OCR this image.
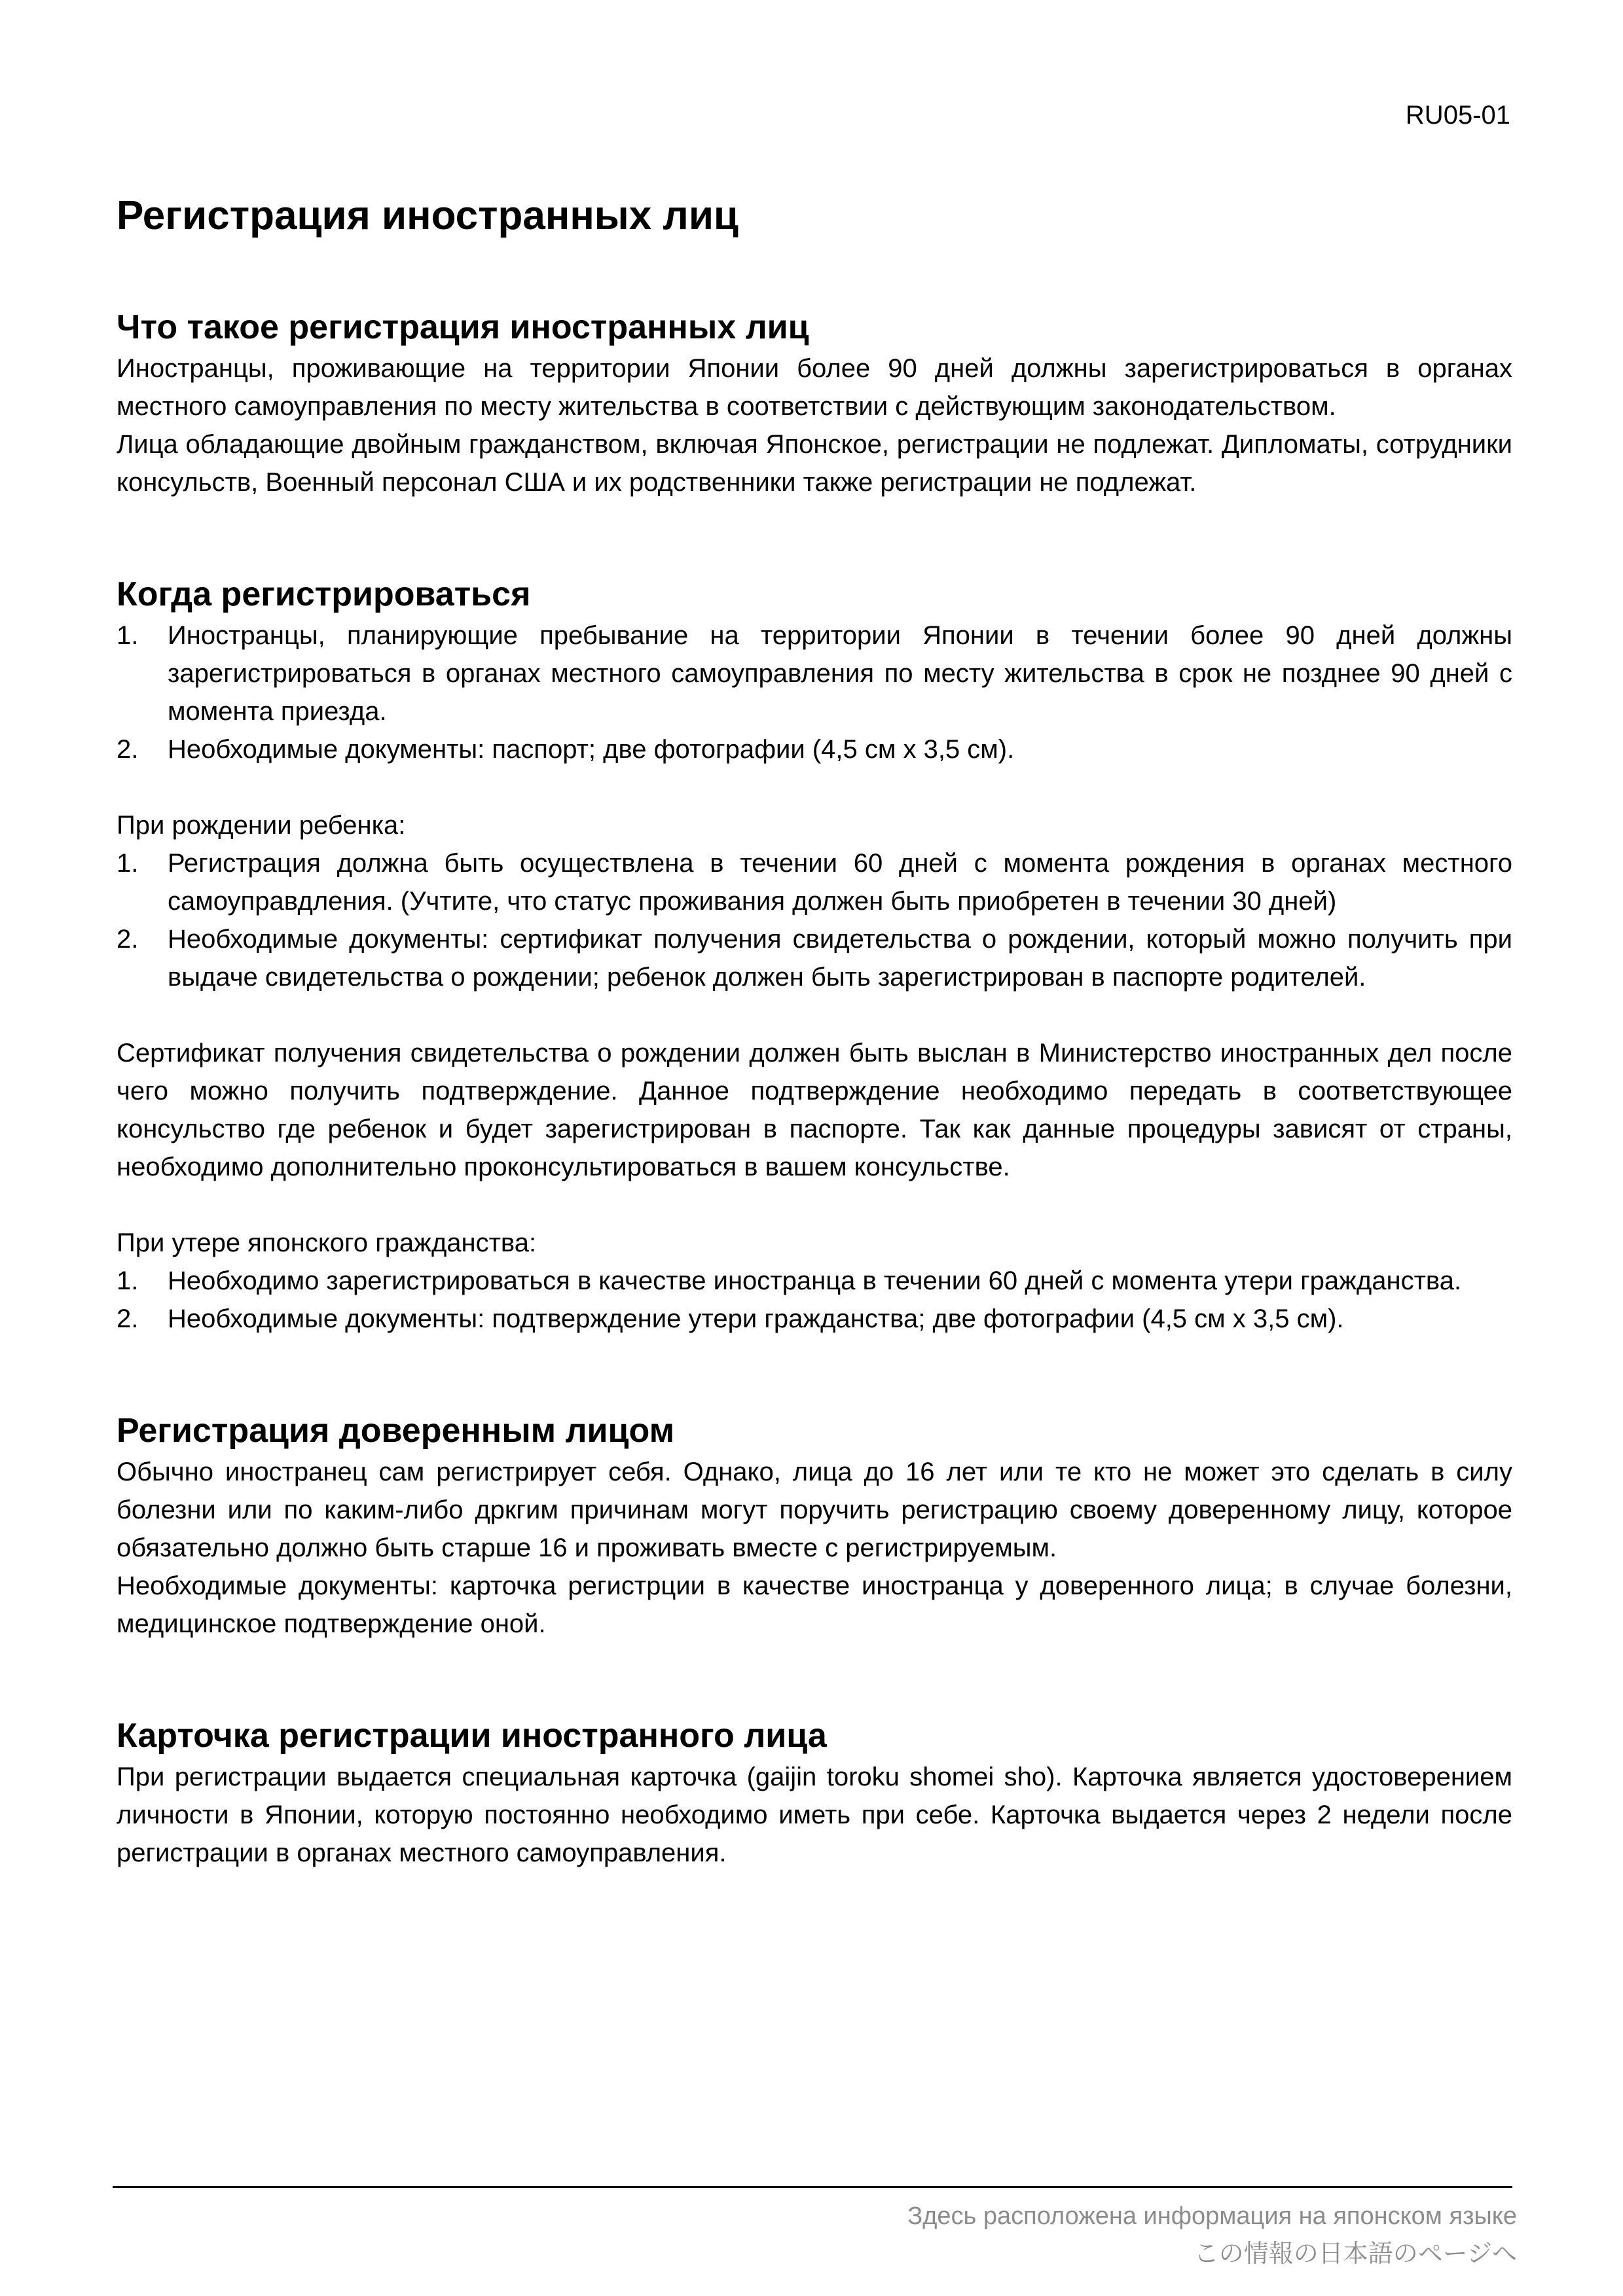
RU05-01
Регистрация иностранных лиц
Что такое регистрация иностранных лиц

Иностранцы, проживающие на территории Японии более 90 дней должны зарегистрироваться в органах местного самоуправления по месту жительства в соответствии с действующим законодательством.

Лица обладающие двойным гражданством, включая Японское, регистрации не подлежат. Дипломаты, сотрудники консульств, Военный персонал США и их родственники также регистрации не подлежат.

Когда регистрироваться
1. Иностранцы, планирующие пребывание на территории Японии в течении более 90 дней должны зарегистрироваться в органах местного самоуправления по месту жительства в срок не позднее 90 дней с момента приезда.
2. Необходимые документы: паспорт; две фотографии (4,5 см х 3,5 см).

При рождении ребенка:

1. Регистрация должна быть осуществлена в течении 60 дней с момента рождения в органах местного самоуправдления. (Учтите, что статус проживания должен быть приобретен в течении 30 дней)
2. Необходимые документы: сертификат получения свидетельства о рождении, который можно получить при выдаче свидетельства о рождении; ребенок должен быть зарегистрирован в паспорте родителей.

Сертификат получения свидетельства о рождении должен быть выслан в Министерство иностранных дел после чего можно получить подтверждение. Данное подтверждение необходимо передать в соответствующее консульство где ребенок и будет зарегистрирован в паспорте. Так как данные процедуры зависят от страны, необходимо дополнительно проконсультироваться в вашем консульстве.

При утере японского гражданства:

1. Необходимо зарегистрироваться в качестве иностранца в течении 60 дней с момента утери гражданства.
2. Необходимые документы: подтверждение утери гражданства; две фотографии (4,5 см х 3,5 см).
Регистрация доверенным лицом

Обычно иностранец сам регистрирует себя. Однако, лица до 16 лет или те кто не может это сделать в силу болезни или по каким-либо дркгим причинам могут поручить регистрацию своему доверенному лицу, которое обязательно должно быть старше 16 и проживать вместе с регистрируемым.

Необходимые документы: карточка регистрции в качестве иностранца у доверенного лица; в случае болезни, медицинское подтверждение оной.

Карточка регистрации иностранного лица

При регистрации выдается специальная карточка (gaijin toroku shomei sho). Карточка является удостоверением личности в Японии, которую постоянно необходимо иметь при себе. Карточка выдается через 2 недели после регистрации в органах местного самоуправления.

Здесь расположена информация на японском языке
この情報の日本語のページへ
